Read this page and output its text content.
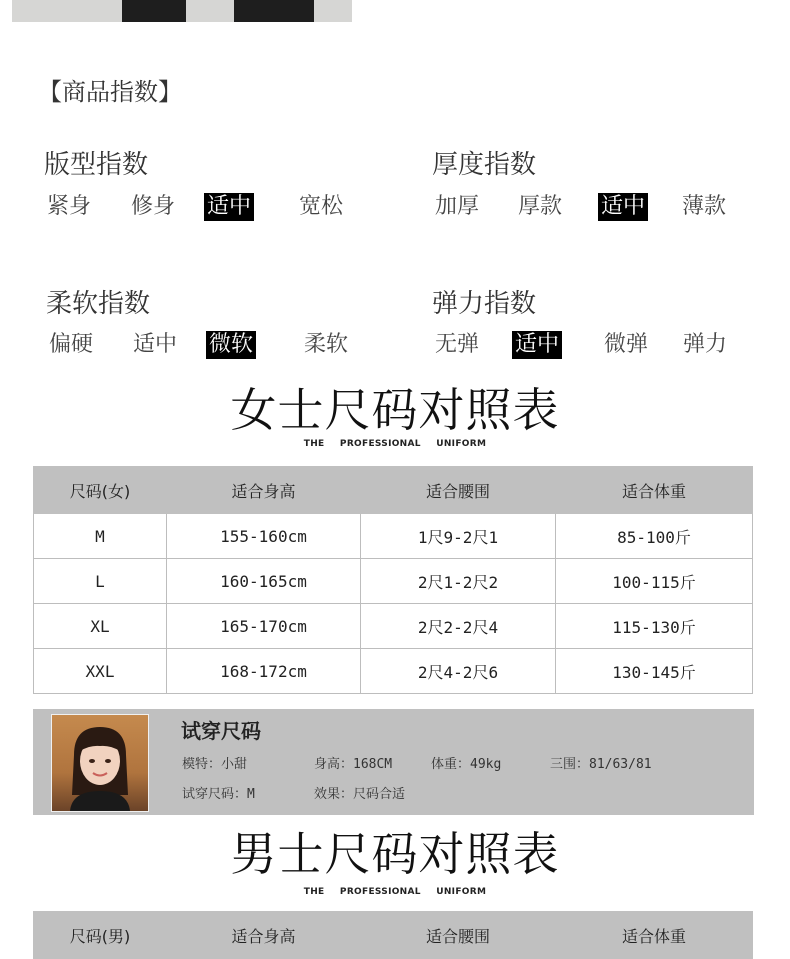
【商品指数】
版型指数
紧身 修身 适中 宽松
厚度指数
加厚 厚款 适中 薄款
柔软指数
偏硬 适中 微软 柔软
弹力指数
无弹 适中 微弹 弹力
女士尺码对照表
THE PROFESSIONAL UNIFORM
尺码(女)	适合身高	适合腰围	适合体重
M	155-160cm	1尺9-2尺1	85-100斤
L	160-165cm	2尺1-2尺2	100-115斤
XL	165-170cm	2尺2-2尺4	115-130斤
XXL	168-172cm	2尺4-2尺6	130-145斤
试穿尺码
模特：小甜	身高：168CM	体重：49kg	三围：81/63/81
试穿尺码：M	效果：尺码合适
男士尺码对照表
THE PROFESSIONAL UNIFORM
尺码(男)	适合身高	适合腰围	适合体重
